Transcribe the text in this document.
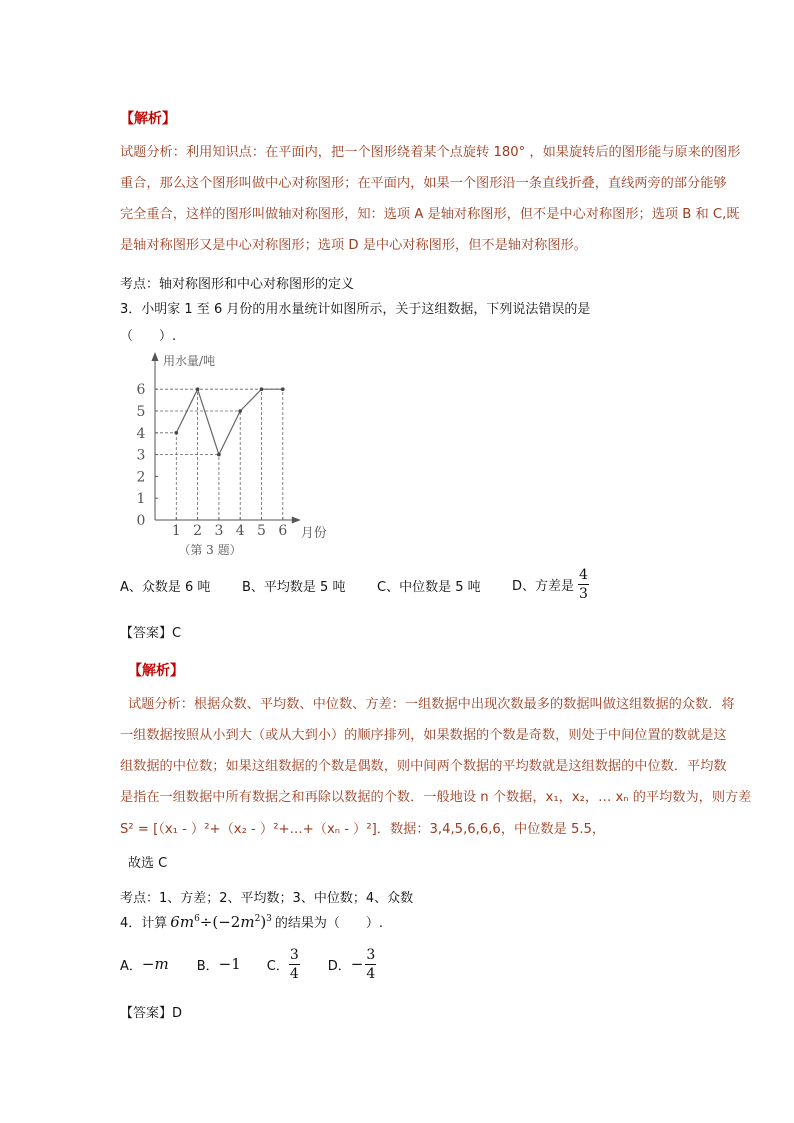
【解析】
试题分析：利用知识点：在平面内，把一个图形绕着某个点旋转 180° ，如果旋转后的图形能与原来的图形
重合，那么这个图形叫做中心对称图形；在平面内，如果一个图形沿一条直线折叠，直线两旁的部分能够
完全重合，这样的图形叫做轴对称图形，知：选项 A 是轴对称图形，但不是中心对称图形；选项 B 和 C,既
是轴对称图形又是中心对称图形；选项 D 是中心对称图形，但不是轴对称图形。
考点：轴对称图形和中心对称图形的定义
3．小明家 1 至 6 月份的用水量统计如图所示，关于这组数据，下列说法错误的是
（　　）.
0
1
2
3
4
5
6
1 2 3 4 5 6
用水量/吨
月份
（第 3 题）
A、众数是 6 吨 B、平均数是 5 吨 C、中位数是 5 吨 D、方差是 $\frac{4}{3}$
【答案】C
【解析】
试题分析：根据众数、平均数、中位数、方差：一组数据中出现次数最多的数据叫做这组数据的众数．将
一组数据按照从小到大（或从大到小）的顺序排列，如果数据的个数是奇数，则处于中间位置的数就是这
组数据的中位数；如果这组数据的个数是偶数，则中间两个数据的平均数就是这组数据的中位数．平均数
是指在一组数据中所有数据之和再除以数据的个数．一般地设 n 个数据，x₁，x₂，… xₙ 的平均数为，则方差
S² = [（x₁ - ）²+（x₂ - ）²+…+（xₙ - ）²]．数据：3,4,5,6,6,6，中位数是 5.5，
故选 C
考点：1、方差；2、平均数；3、中位数；4、众数
4．计算 $6m^6\div(-2m^2)^3$ 的结果为（　　）.
A． −m B． −1 C． $\frac{3}{4}$ D． − $\frac{3}{4}$
【答案】D
